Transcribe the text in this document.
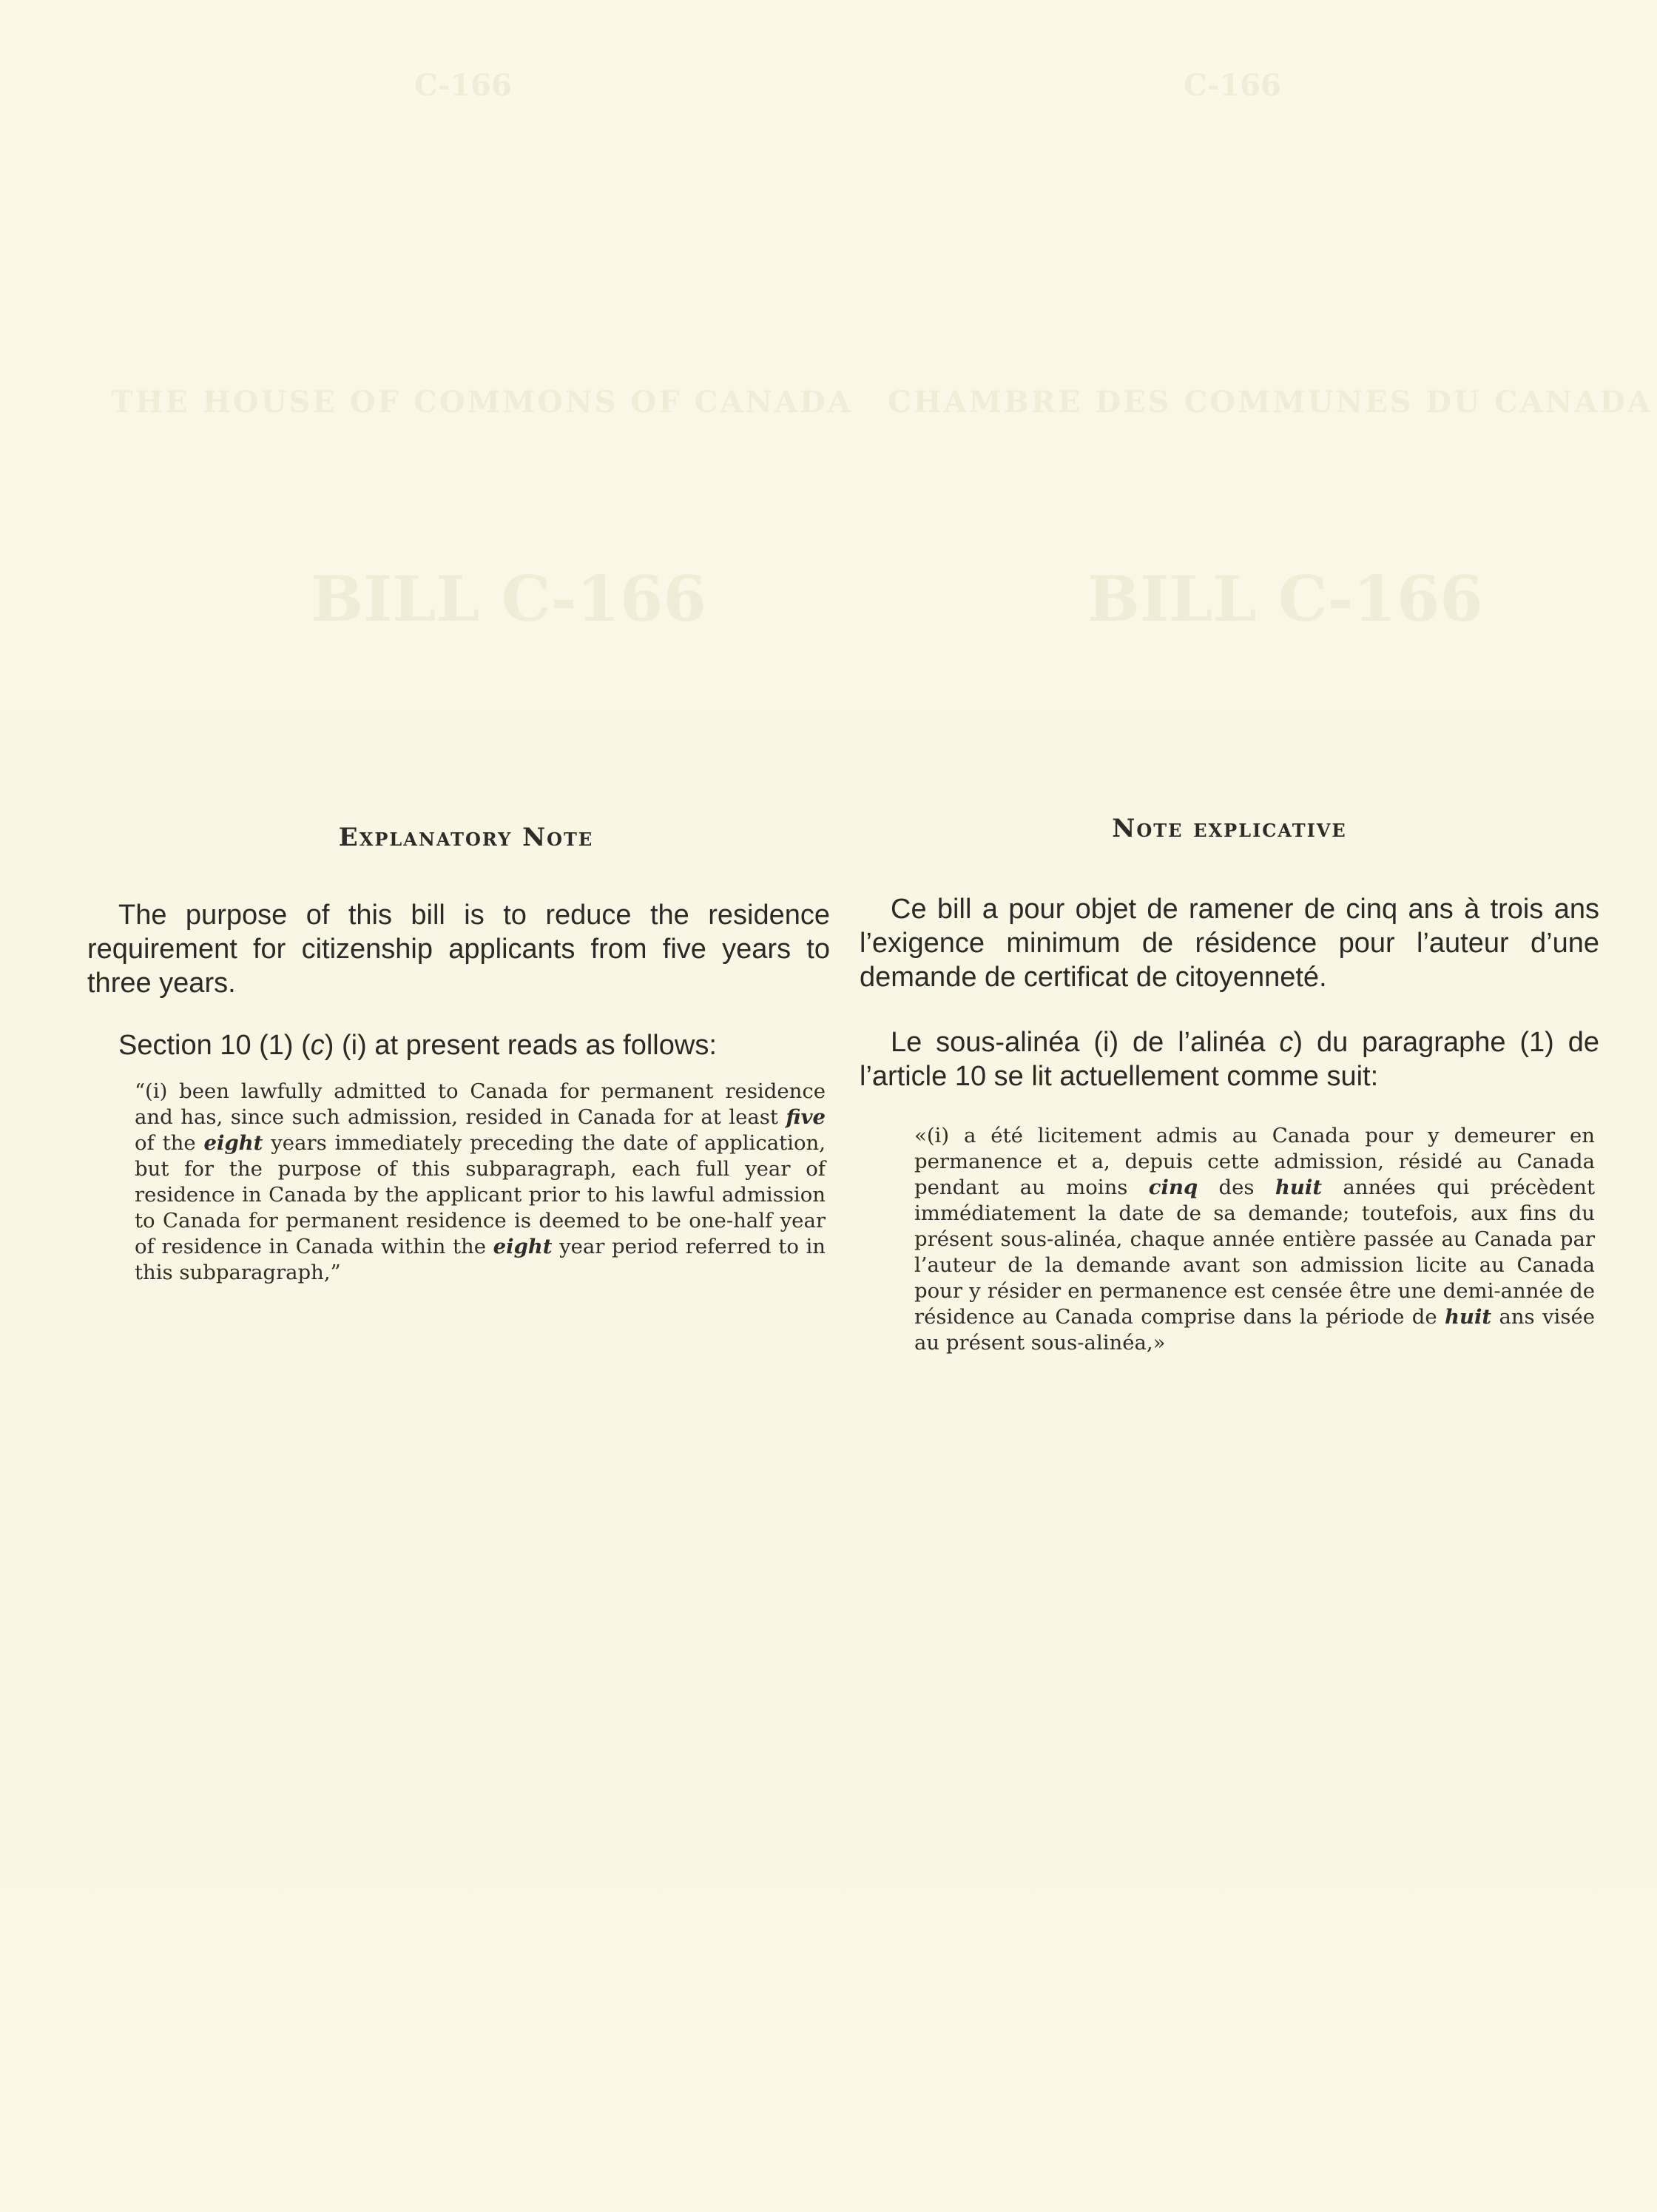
C-166	C-166
THE HOUSE OF COMMONS OF CANADA CHAMBRE DES COMMUNES DU CANADA
BILL C-166	BILL C-166
Explanatory Note

The purpose of this bill is to reduce the residence requirement for citizenship applicants from five years to three years.

Section 10 (1) (c) (i) at present reads as follows:

“(i) been lawfully admitted to Canada for permanent residence and has, since such admission, resided in Canada for at least five of the eight years immediately preceding the date of application, but for the purpose of this subparagraph, each full year of residence in Canada by the applicant prior to his lawful admission to Canada for permanent residence is deemed to be one-half year of residence in Canada within the eight year period referred to in this subparagraph,”

Note explicative

Ce bill a pour objet de ramener de cinq ans à trois ans l’exigence minimum de résidence pour l’auteur d’une demande de certificat de citoyenneté.

Le sous-alinéa (i) de l’alinéa c) du paragraphe (1) de l’article 10 se lit actuellement comme suit:

«(i) a été licitement admis au Canada pour y demeurer en permanence et a, depuis cette admission, résidé au Canada pendant au moins cinq des huit années qui précèdent immédiatement la date de sa demande; toutefois, aux fins du présent sous-alinéa, chaque année entière passée au Canada par l’auteur de la demande avant son admission licite au Canada pour y résider en permanence est censée être une demi-année de résidence au Canada comprise dans la période de huit ans visée au présent sous-alinéa,»
